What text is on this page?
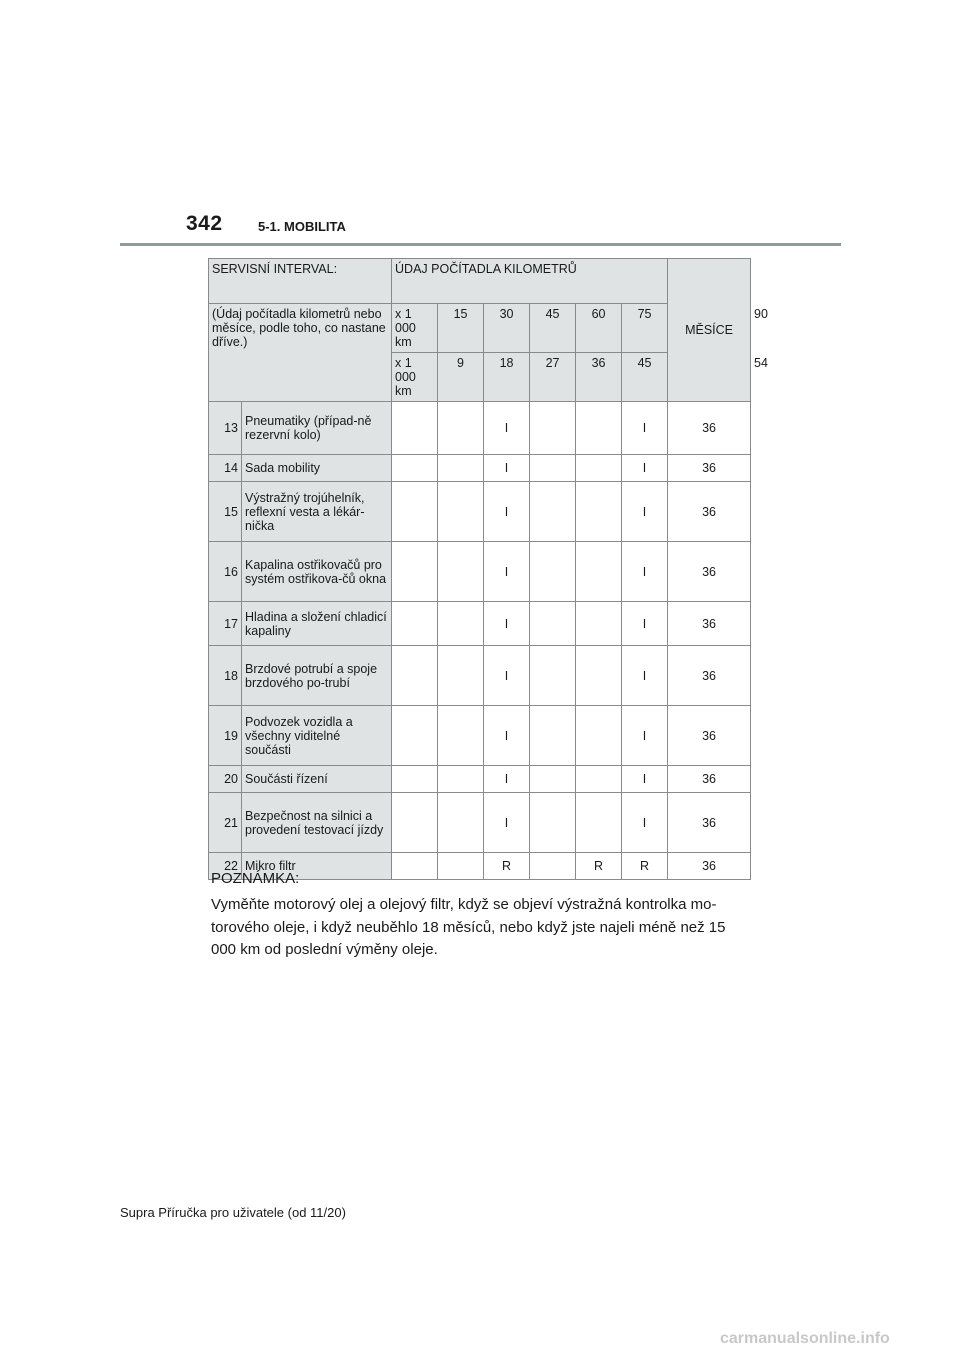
342	5-1. MOBILITA
SERVISNÍ INTERVAL:		ÚDAJ POČÍTADLA KILOMETRŮ						MĚSÍCE	
(Údaj počítadla kilometrů nebo měsíce, podle toho, co nastane dříve.)		x 1 000 km	15	30	45	60	75		90
		x 1 000 km	9	18	27	36	45		54
13	Pneumatiky (případ-ně rezervní kolo)			I			I	36	
14	Sada mobility			I			I	36	
15	Výstražný trojúhelník, reflexní vesta a lékár-nička			I			I	36	
16	Kapalina ostřikovačů pro systém ostřikova-čů okna			I			I	36	
17	Hladina a složení chladicí kapaliny			I			I	36	
18	Brzdové potrubí a spoje brzdového po-trubí			I			I	36	
19	Podvozek vozidla a všechny viditelné součásti			I			I	36	
20	Součásti řízení			I			I	36	
21	Bezpečnost na silnici a provedení testovací jízdy			I			I	36	
22	Mikro filtr			R		R	R	36	
POZNÁMKA:
Vyměňte motorový olej a olejový filtr, když se objeví výstražná kontrolka mo-torového oleje, i když neuběhlo 18 měsíců, nebo když jste najeli méně než 15 000 km od poslední výměny oleje.
Supra Příručka pro uživatele (od 11/20)
carmanualsonline.info
